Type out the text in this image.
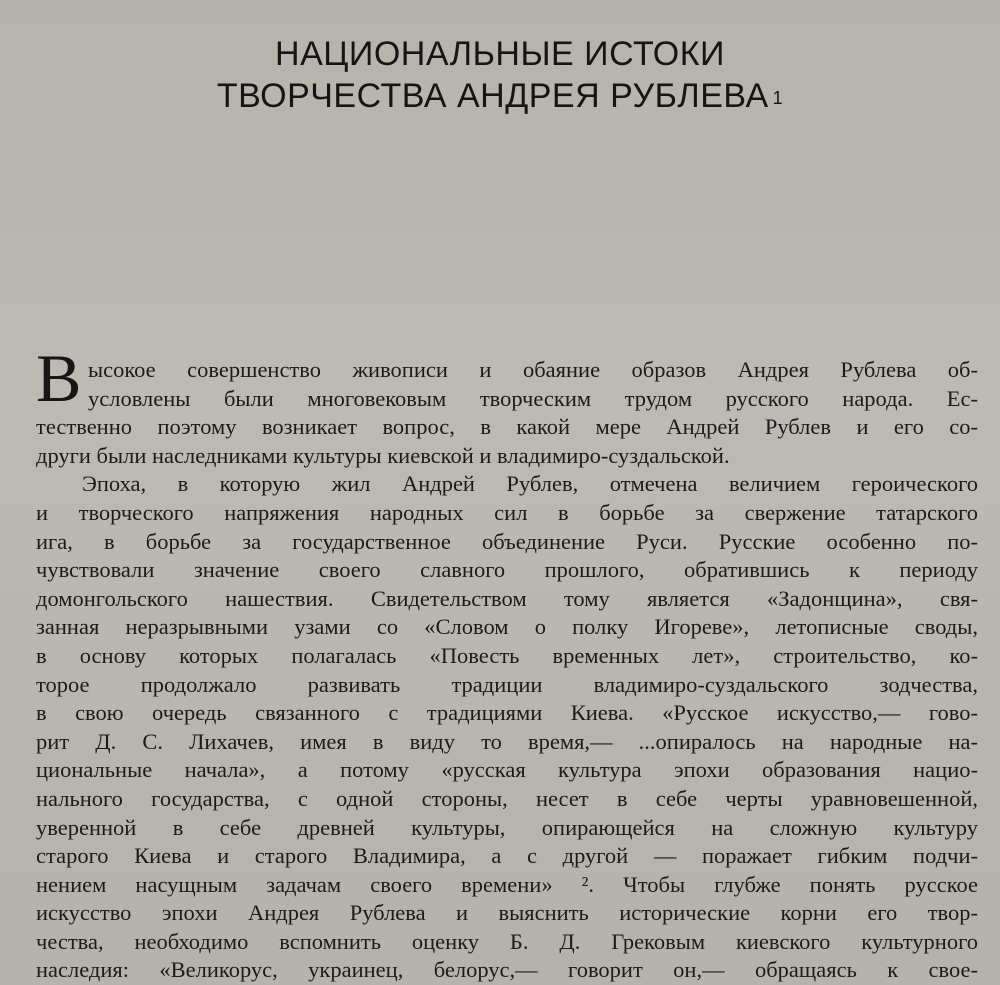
НАЦИОНАЛЬНЫЕ ИСТОКИ
ТВОРЧЕСТВА АНДРЕЯ РУБЛЕВА $^1$
В ысокое совершенство живописи и обаяние образов Андрея Рублева об-
условлены были многовековым творческим трудом русского народа. Ес-
тественно поэтому возникает вопрос, в какой мере Андрей Рублев и его со-
други были наследниками культуры киевской и владимиро-суздальской.
Эпоха, в которую жил Андрей Рублев, отмечена величием героического
и творческого напряжения народных сил в борьбе за свержение татарского
ига, в борьбе за государственное объединение Руси. Русские особенно по-
чувствовали значение своего славного прошлого, обратившись к периоду
домонгольского нашествия. Свидетельством тому является «Задонщина», свя-
занная неразрывными узами со «Словом о полку Игореве», летописные своды,
в основу которых полагалась «Повесть временных лет», строительство, ко-
торое продолжало развивать традиции владимиро-суздальского зодчества,
в свою очередь связанного с традициями Киева. «Русское искусство,— гово-
рит Д. С. Лихачев, имея в виду то время,— ...опиралось на народные на-
циональные начала», а потому «русская культура эпохи образования нацио-
нального государства, с одной стороны, несет в себе черты уравновешенной,
уверенной в себе древней культуры, опирающейся на сложную культуру
старого Киева и старого Владимира, а с другой — поражает гибким подчи-
нением насущным задачам своего времени» ². Чтобы глубже понять русское
искусство эпохи Андрея Рублева и выяснить исторические корни его твор-
чества, необходимо вспомнить оценку Б. Д. Грековым киевского культурного
наследия: «Великорус, украинец, белорус,— говорит он,— обращаясь к свое-
